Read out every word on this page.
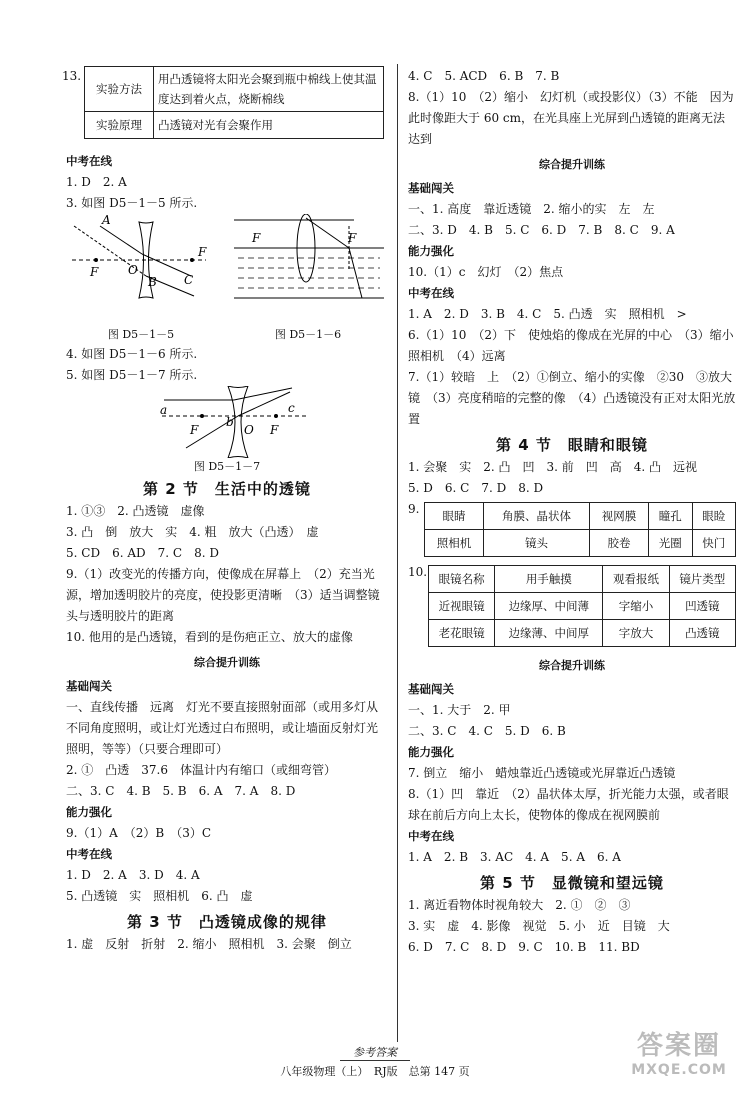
13.
实验方法	用凸透镜将太阳光会聚到瓶中棉线上使其温度达到着火点，烧断棉线
实验原理	凸透镜对光有会聚作用
中考在线
1. D　2. A
3. 如图 D5－1－5 所示.
A
F O
B
F
C
F	F
图 D5－1－5	图 D5－1－6
4. 如图 D5－1－6 所示.
5. 如图 D5－1－7 所示.
a
b
c
F	O F
图 D5－1－7
第 2 节　生活中的透镜
1. ①③　2. 凸透镜　虚像
3. 凸　倒　放大　实　4. 粗　放大（凸透）　虚
5. CD　6. AD　7. C　8. D
9.（1）改变光的传播方向，使像成在屏幕上　（2）充当光源，增加透明胶片的亮度，使投影更清晰　（3）适当调整镜头与透明胶片的距离
10. 他用的是凸透镜，看到的是伤疤正立、放大的虚像
综合提升训练
基础闯关
一、直线传播　远离　灯光不要直接照射面部（或用多灯从不同角度照明，或让灯光透过白布照明，或让墙面反射灯光照明，等等）（只要合理即可）
2. ①　凸透　37.6　体温计内有缩口（或细弯管）
二、3. C　4. B　5. B　6. A　7. A　8. D
能力强化
9.（1）A　（2）B　（3）C
中考在线
1. D　2. A　3. D　4. A
5. 凸透镜　实　照相机　6. 凸　虚
第 3 节　凸透镜成像的规律
1. 虚　反射　折射　2. 缩小　照相机　3. 会聚　倒立
4. C　5. ACD　6. B　7. B
8.（1）10　（2）缩小　幻灯机（或投影仪）（3）不能　因为此时像距大于 60 cm，在光具座上光屏到凸透镜的距离无法达到
综合提升训练
基础闯关
一、1. 高度　靠近透镜　2. 缩小的实　左　左
二、3. D　4. B　5. C　6. D　7. B　8. C　9. A
能力强化
10.（1）c　幻灯　（2）焦点
中考在线
1. A　2. D　3. B　4. C　5. 凸透　实　照相机　>
6.（1）10　（2）下　使烛焰的像成在光屏的中心　（3）缩小　照相机　（4）远离
7.（1）较暗　上　（2）①倒立、缩小的实像　②30　③放大镜　（3）亮度稍暗的完整的像　（4）凸透镜没有正对太阳光放置
第 4 节　眼睛和眼镜
1. 会聚　实　2. 凸　凹　3. 前　凹　高　4. 凸　远视
5. D　6. C　7. D　8. D
9.	眼睛	角膜、晶状体	视网膜	瞳孔	眼睑
照相机	镜头	胶卷	光圈	快门
10. 眼镜名称	用手触摸	观看报纸	镜片类型
近视眼镜	边缘厚、中间薄	字缩小	凹透镜
老花眼镜	边缘薄、中间厚	字放大	凸透镜
综合提升训练
基础闯关
一、1. 大于　2. 甲
二、3. C　4. C　5. D　6. B
能力强化
7. 倒立　缩小　蜡烛靠近凸透镜或光屏靠近凸透镜
8.（1）凹　靠近　（2）晶状体太厚，折光能力太强，或者眼球在前后方向上太长，使物体的像成在视网膜前
中考在线
1. A　2. B　3. AC　4. A　5. A　6. A
第 5 节　显微镜和望远镜
1. 离近看物体时视角较大　2. ①　②　③
3. 实　虚　4. 影像　视觉　5. 小　近　目镜　大
6. D　7. C　8. D　9. C　10. B　11. BD
参考答案
八年级物理（上）　RJ版　总第 147 页
答案圈
MXQE.COM
